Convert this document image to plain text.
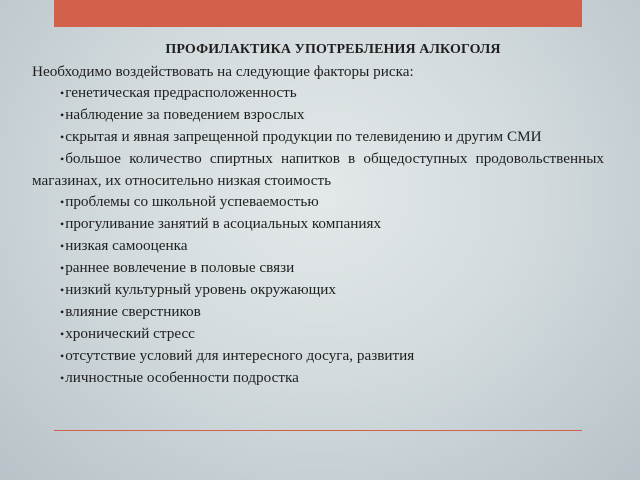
ПРОФИЛАКТИКА УПОТРЕБЛЕНИЯ АЛКОГОЛЯ

Необходимо воздействовать на следующие факторы риска:

•генетическая предрасположенность
•наблюдение за поведением взрослых
•скрытая и явная запрещенной продукции по телевидению и другим СМИ
•большое количество спиртных напитков в общедоступных продовольственных магазинах, их относительно низкая стоимость
•проблемы со школьной успеваемостью
•прогуливание занятий в асоциальных компаниях
•низкая самооценка
•раннее вовлечение в половые связи
•низкий культурный уровень окружающих
•влияние сверстников
•хронический стресс
•отсутствие условий для интересного досуга, развития
•личностные особенности подростка
